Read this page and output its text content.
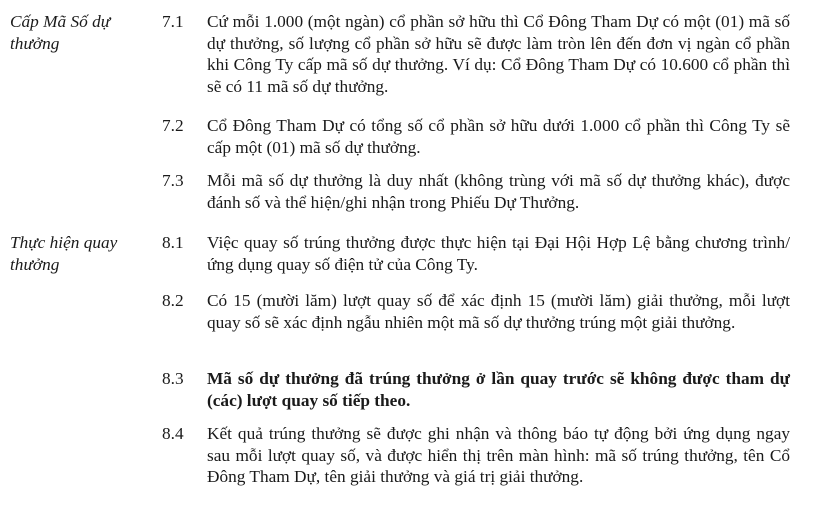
Cấp Mã Số dự thưởng
7.1	Cứ mỗi 1.000 (một ngàn) cổ phần sở hữu thì Cổ Đông Tham Dự có một (01) mã số dự thưởng, số lượng cổ phần sở hữu sẽ được làm tròn lên đến đơn vị ngàn cổ phần khi Công Ty cấp mã số dự thưởng. Ví dụ: Cổ Đông Tham Dự có 10.600 cổ phần thì sẽ có 11 mã số dự thưởng.
7.2	Cổ Đông Tham Dự có tổng số cổ phần sở hữu dưới 1.000 cổ phần thì Công Ty sẽ cấp một (01) mã số dự thưởng.
7.3	Mỗi mã số dự thưởng là duy nhất (không trùng với mã số dự thưởng khác), được đánh số và thể hiện/ghi nhận trong Phiếu Dự Thưởng.
Thực hiện quay thưởng
8.1	Việc quay số trúng thưởng được thực hiện tại Đại Hội Hợp Lệ bằng chương trình/ứng dụng quay số điện tử của Công Ty.
8.2	Có 15 (mười lăm) lượt quay số để xác định 15 (mười lăm) giải thưởng, mỗi lượt quay số sẽ xác định ngẫu nhiên một mã số dự thưởng trúng một giải thưởng.
8.3	Mã số dự thưởng đã trúng thưởng ở lần quay trước sẽ không được tham dự (các) lượt quay số tiếp theo.
8.4	Kết quả trúng thưởng sẽ được ghi nhận và thông báo tự động bởi ứng dụng ngay sau mỗi lượt quay số, và được hiển thị trên màn hình: mã số trúng thưởng, tên Cổ Đông Tham Dự, tên giải thưởng và giá trị giải thưởng.
